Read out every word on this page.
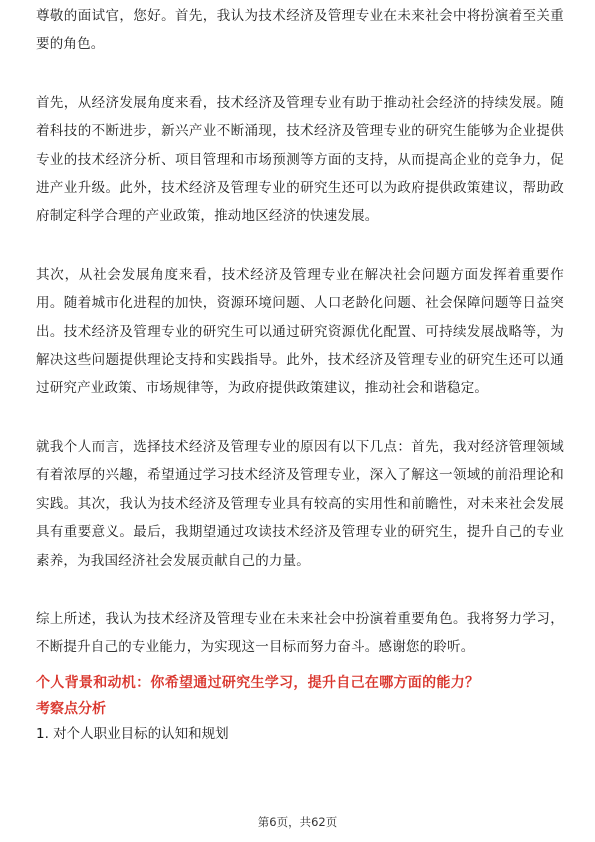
尊敬的面试官，您好。首先，我认为技术经济及管理专业在未来社会中将扮演着至关重要的角色。

首先，从经济发展角度来看，技术经济及管理专业有助于推动社会经济的持续发展。随着科技的不断进步，新兴产业不断涌现，技术经济及管理专业的研究生能够为企业提供专业的技术经济分析、项目管理和市场预测等方面的支持，从而提高企业的竞争力，促进产业升级。此外，技术经济及管理专业的研究生还可以为政府提供政策建议，帮助政府制定科学合理的产业政策，推动地区经济的快速发展。

其次，从社会发展角度来看，技术经济及管理专业在解决社会问题方面发挥着重要作用。随着城市化进程的加快，资源环境问题、人口老龄化问题、社会保障问题等日益突出。技术经济及管理专业的研究生可以通过研究资源优化配置、可持续发展战略等，为解决这些问题提供理论支持和实践指导。此外，技术经济及管理专业的研究生还可以通过研究产业政策、市场规律等，为政府提供政策建议，推动社会和谐稳定。

就我个人而言，选择技术经济及管理专业的原因有以下几点：首先，我对经济管理领域有着浓厚的兴趣，希望通过学习技术经济及管理专业，深入了解这一领域的前沿理论和实践。其次，我认为技术经济及管理专业具有较高的实用性和前瞻性，对未来社会发展具有重要意义。最后，我期望通过攻读技术经济及管理专业的研究生，提升自己的专业素养，为我国经济社会发展贡献自己的力量。

综上所述，我认为技术经济及管理专业在未来社会中扮演着重要角色。我将努力学习，不断提升自己的专业能力，为实现这一目标而努力奋斗。感谢您的聆听。

个人背景和动机：你希望通过研究生学习，提升自己在哪方面的能力？

考察点分析

1. 对个人职业目标的认知和规划

第6页，共62页
